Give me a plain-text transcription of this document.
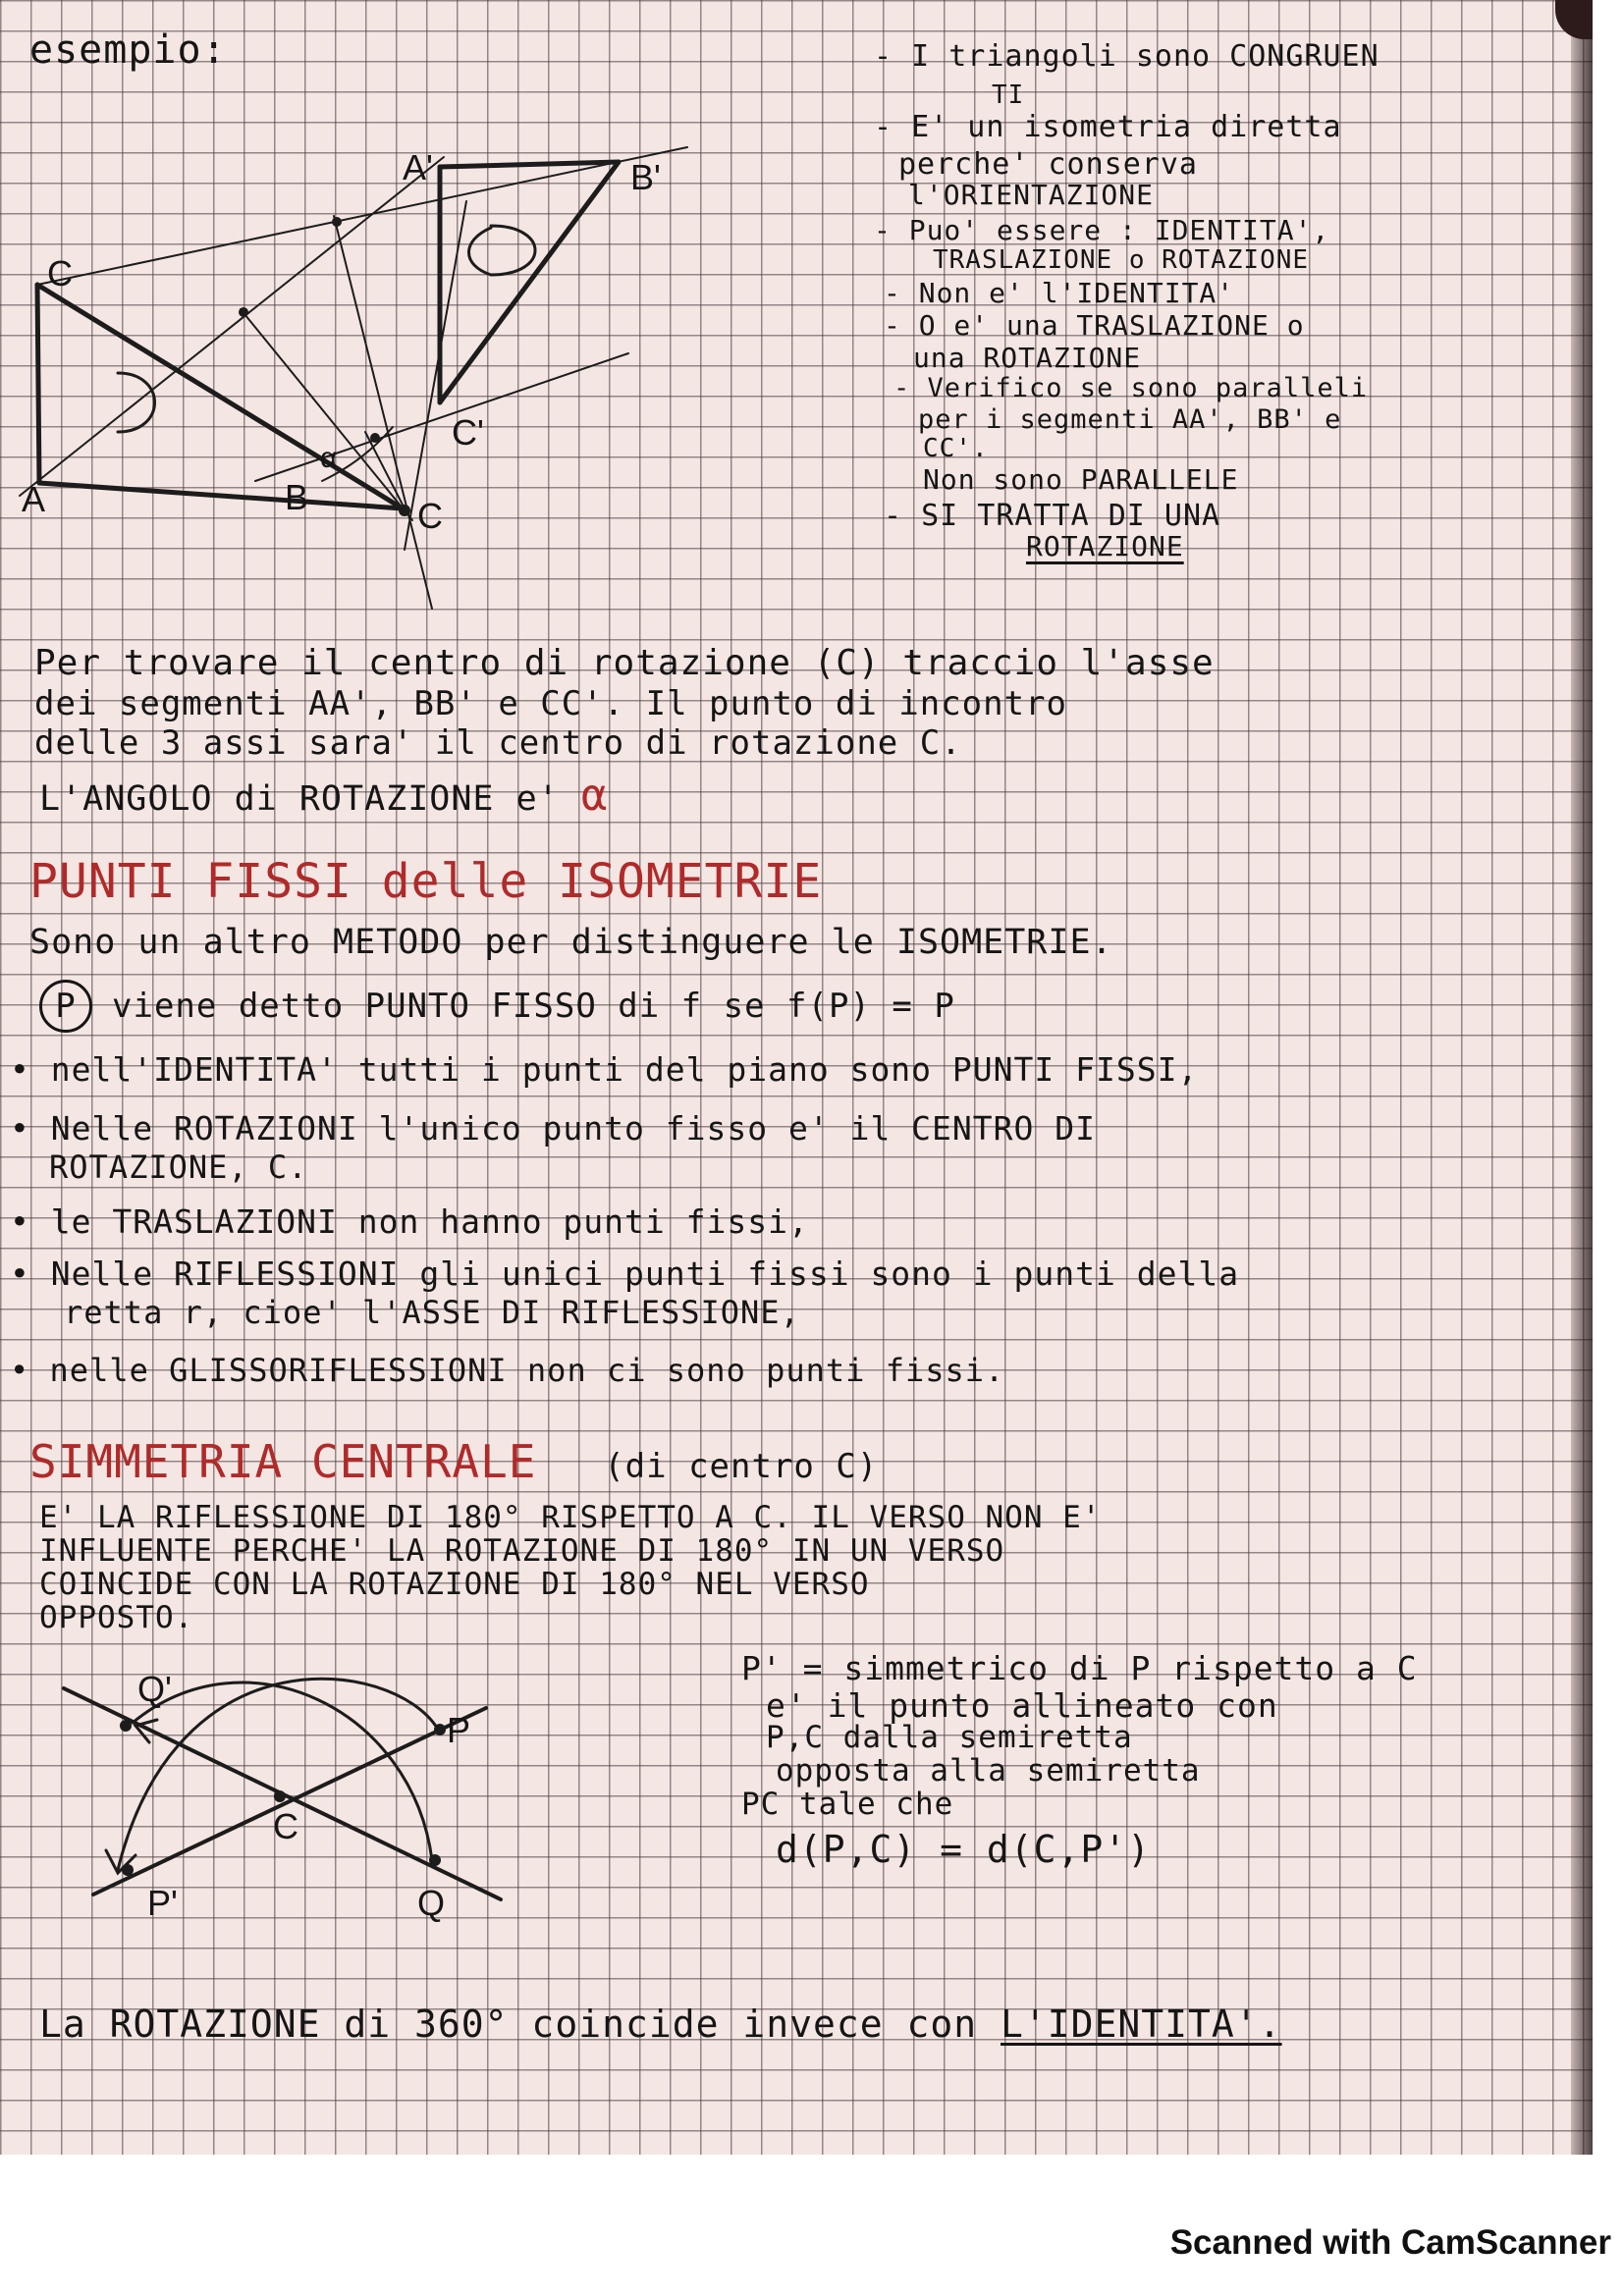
esempio:

C
A	B
α
A'	B'
C'
C

- I triangoli sono CONGRUEN

TI

- E' un isometria diretta

perche' conserva

l'ORIENTAZIONE

- Puo' essere : IDENTITA',

TRASLAZIONE o ROTAZIONE

- Non e' l'IDENTITA'

- O e' una TRASLAZIONE o

una ROTAZIONE

- Verifico se sono paralleli

per i segmenti AA', BB' e

CC'.

Non sono PARALLELE

- SI TRATTA DI UNA

ROTAZIONE

Per trovare il centro di rotazione (C) traccio l'asse

dei segmenti AA', BB' e CC'. Il punto di incontro

delle 3 assi sara' il centro di rotazione C.

L'ANGOLO di ROTAZIONE e' α

PUNTI FISSI delle ISOMETRIE

Sono un altro METODO per distinguere le ISOMETRIE.

P viene detto PUNTO FISSO di f se f(P) = P

• nell'IDENTITA' tutti i punti del piano sono PUNTI FISSI,

• Nelle ROTAZIONI l'unico punto fisso e' il CENTRO DI

ROTAZIONE, C.

• le TRASLAZIONI non hanno punti fissi,

• Nelle RIFLESSIONI gli unici punti fissi sono i punti della

retta r, cioe' l'ASSE DI RIFLESSIONE,

• nelle GLISSORIFLESSIONI non ci sono punti fissi.

SIMMETRIA CENTRALE (di centro C)

E' LA RIFLESSIONE DI 180° RISPETTO A C. IL VERSO NON E'

INFLUENTE PERCHE' LA ROTAZIONE DI 180° IN UN VERSO

COINCIDE CON LA ROTAZIONE DI 180° NEL VERSO

OPPOSTO.

Q'
P
C
P'	Q

P' = simmetrico di P rispetto a C

e' il punto allineato con

P,C dalla semiretta

opposta alla semiretta

PC tale che

d(P,C) = d(C,P')

La ROTAZIONE di 360° coincide invece con L'IDENTITA'.

Scanned with CamScanner
